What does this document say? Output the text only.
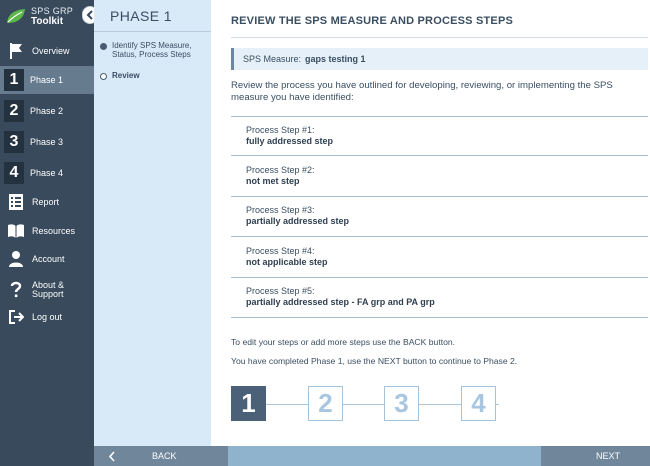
SPS GRP
Toolkit
Overview
1	Phase 1
2	Phase 2
3	Phase 3
4	Phase 4
Report
Resources
Account
About &
Support
Log out
PHASE 1
Identify SPS Measure, Status, Process Steps
Review
REVIEW THE SPS MEASURE AND PROCESS STEPS
SPS Measure: gaps testing 1
Review the process you have outlined for developing, reviewing, or implementing the SPS measure you have identified:
Process Step #1:
fully addressed step
Process Step #2:
not met step
Process Step #3:
partially addressed step
Process Step #4:
not applicable step
Process Step #5:
partially addressed step - FA grp and PA grp
To edit your steps or add more steps use the BACK button.
You have completed Phase 1, use the NEXT button to continue to Phase 2.
1	2	3	4
BACK	NEXT
